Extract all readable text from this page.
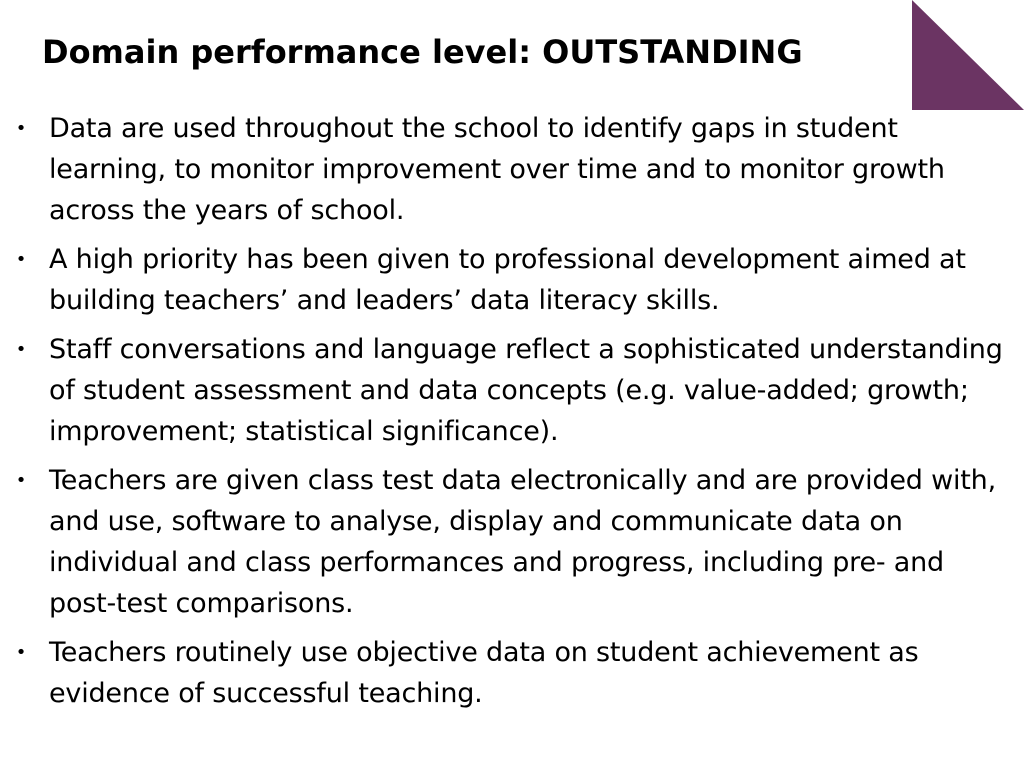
Domain performance level: OUTSTANDING
• Data are used throughout the school to identify gaps in student learning, to monitor improvement over time and to monitor growth across the years of school.
• A high priority has been given to professional development aimed at building teachers’ and leaders’ data literacy skills.
• Staff conversations and language reflect a sophisticated understanding of student assessment and data concepts (e.g. value-added; growth; improvement; statistical significance).
• Teachers are given class test data electronically and are provided with, and use, software to analyse, display and communicate data on individual and class performances and progress, including pre- and post-test comparisons.
• Teachers routinely use objective data on student achievement as evidence of successful teaching.
